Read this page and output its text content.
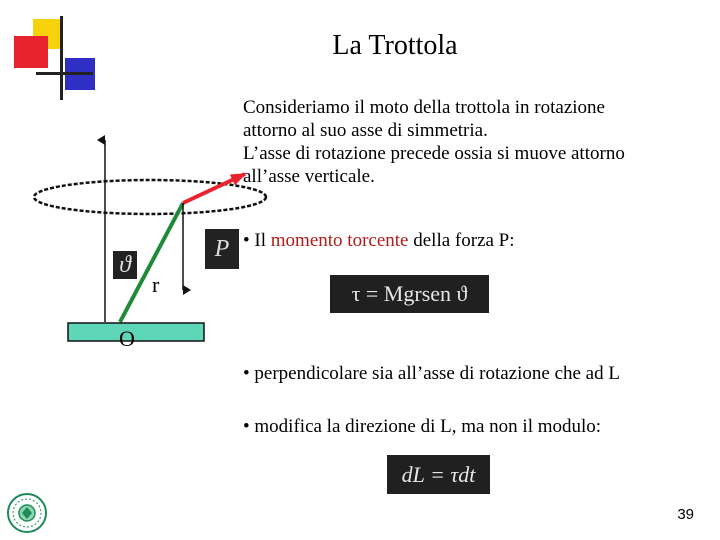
La Trottola
Consideriamo il moto della trottola in rotazione
attorno al suo asse di simmetria.
L’asse di rotazione precede ossia si muove attorno
all’asse verticale.
ϑ
r
O
P • Il momento torcente della forza P:
τ = Mgrsen ϑ
• perpendicolare sia all’asse di rotazione che ad L
• modifica la direzione di L, ma non il modulo:
dL = τdt
39
